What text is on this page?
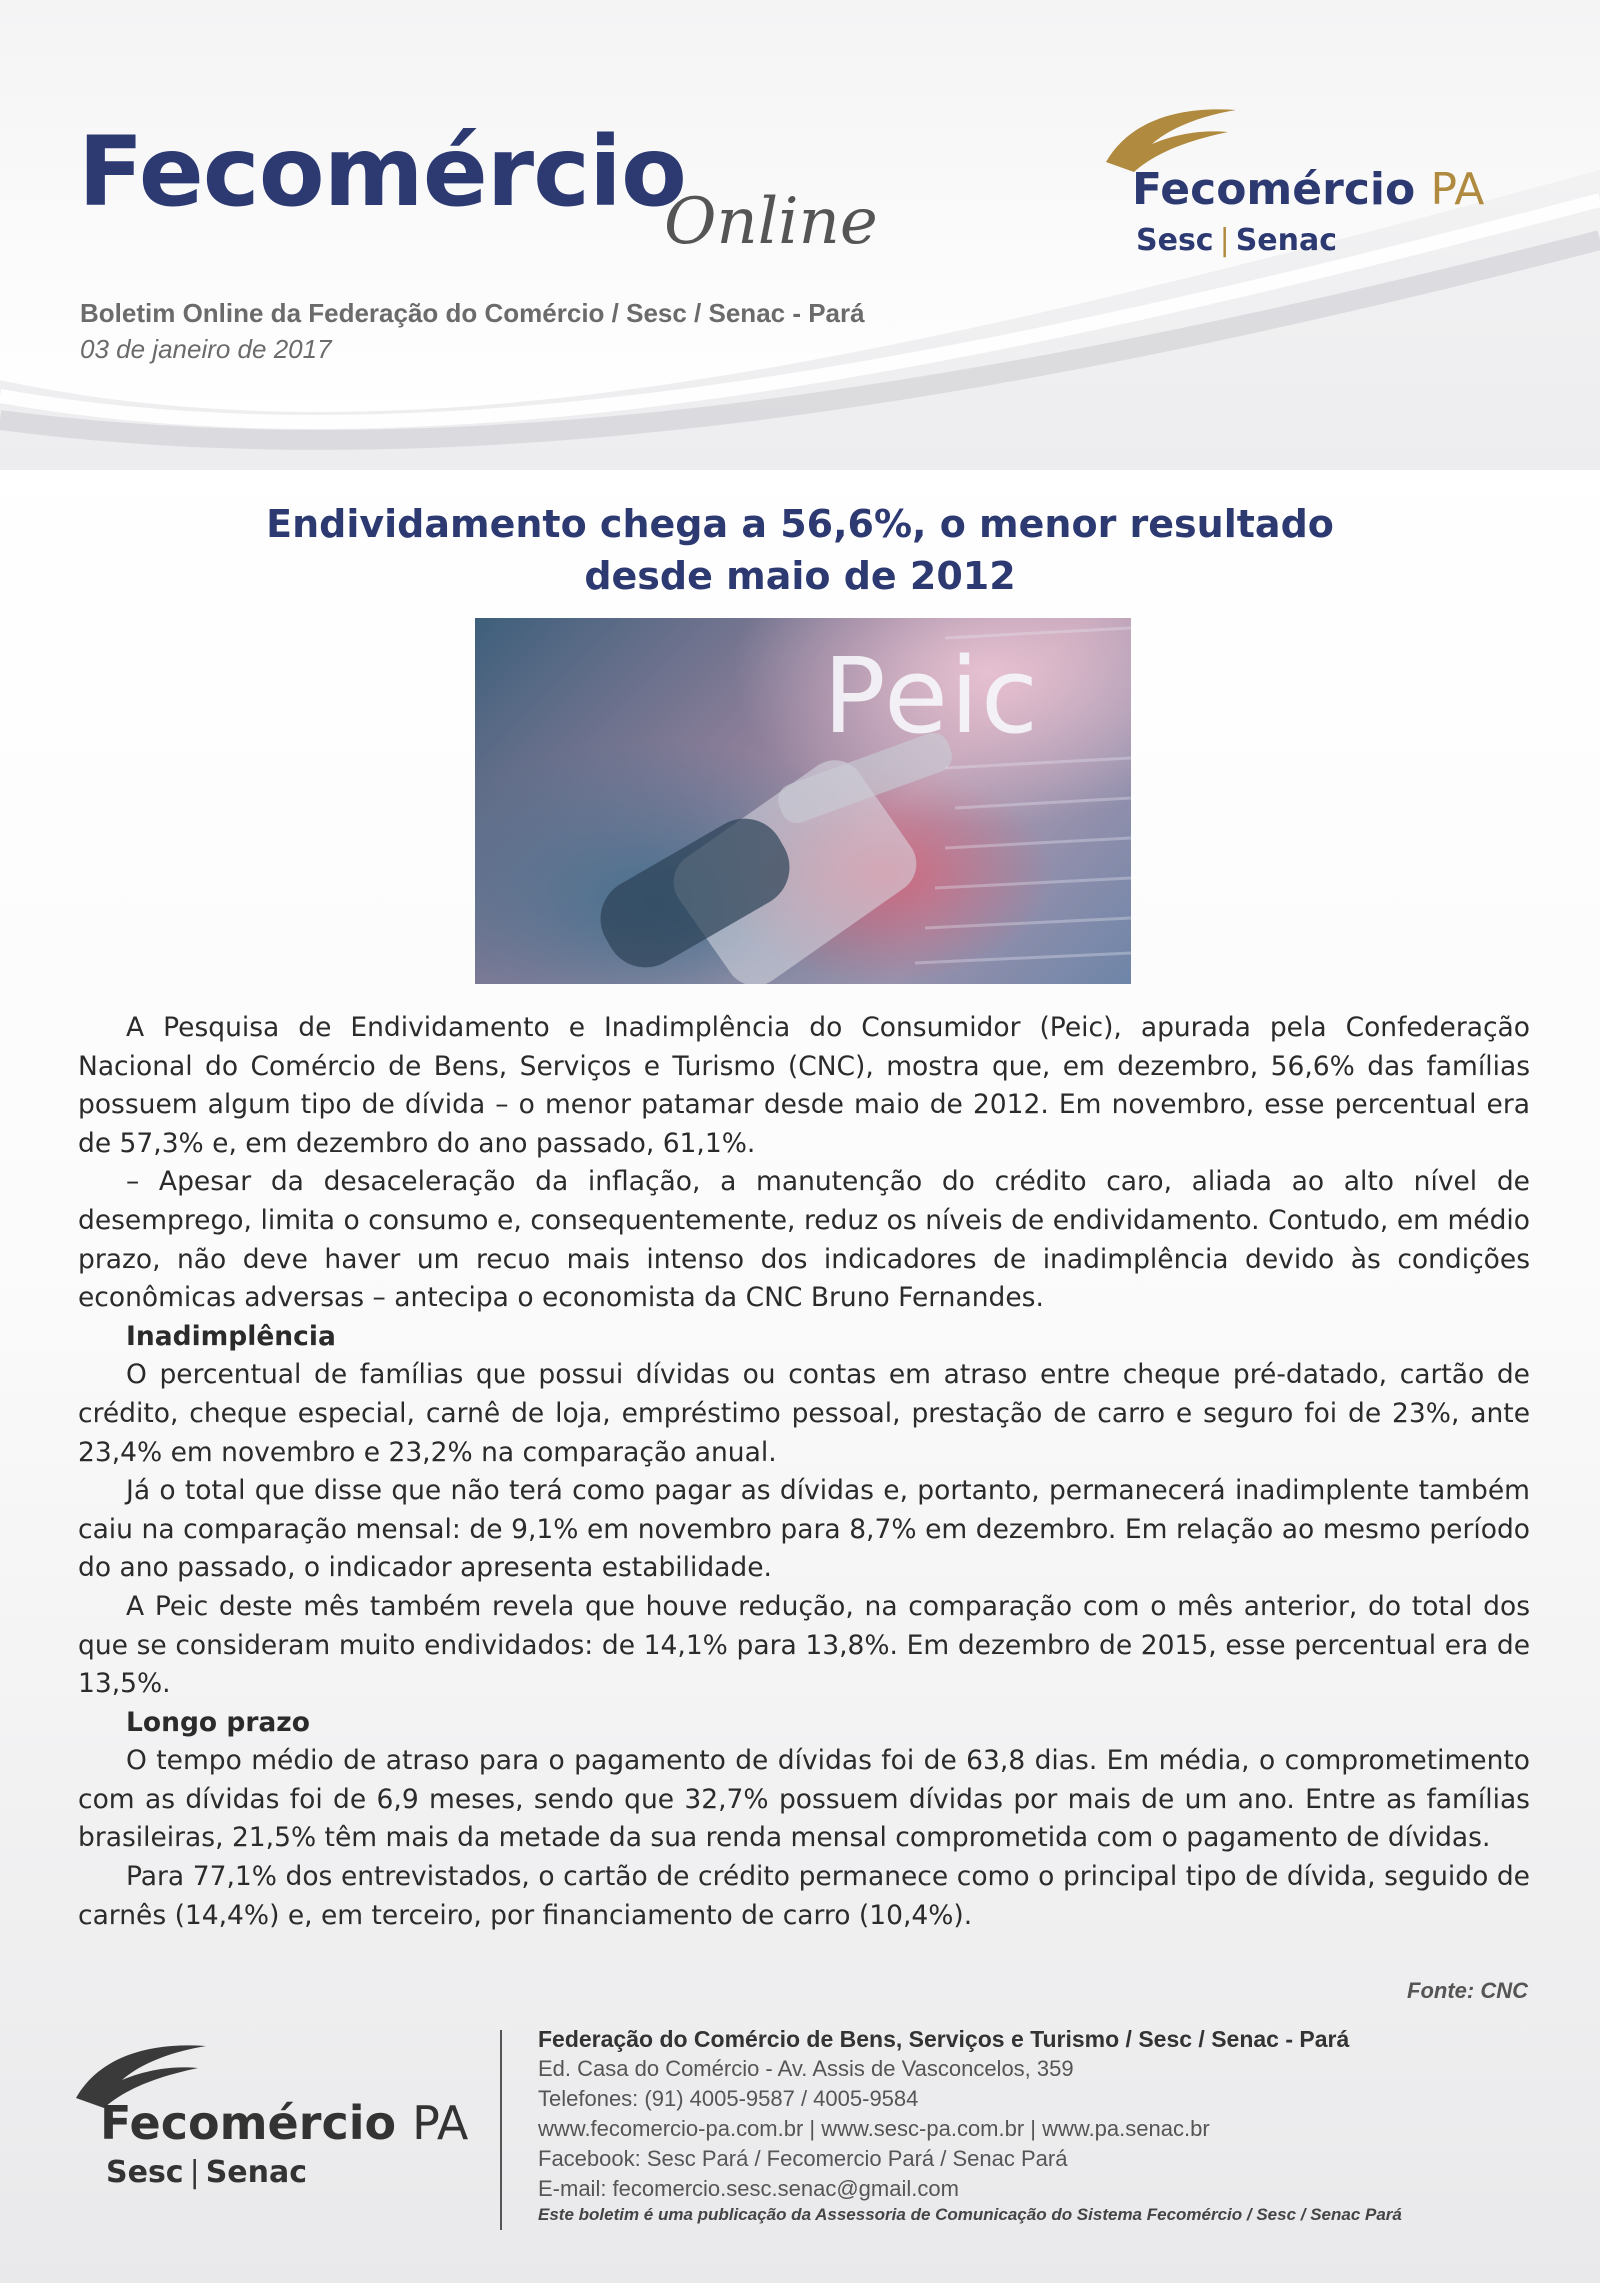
Fecomércio
Online
Boletim Online da Federação do Comércio / Sesc / Senac - Pará
03 de janeiro de 2017
Fecomércio PA
Sesc | Senac
Endividamento chega a 56,6%, o menor resultado
desde maio de 2012
Peic

A Pesquisa de Endividamento e Inadimplência do Consumidor (Peic), apurada pela Confederação Nacional do Comércio de Bens, Serviços e Turismo (CNC), mostra que, em dezembro, 56,6% das famílias possuem algum tipo de dívida – o menor patamar desde maio de 2012. Em novembro, esse percentual era de 57,3% e, em dezembro do ano passado, 61,1%.

– Apesar da desaceleração da inflação, a manutenção do crédito caro, aliada ao alto nível de desemprego, limita o consumo e, consequentemente, reduz os níveis de endividamento. Contudo, em médio prazo, não deve haver um recuo mais intenso dos indicadores de inadimplência devido às condições econômicas adversas – antecipa o economista da CNC Bruno Fernandes.

Inadimplência

O percentual de famílias que possui dívidas ou contas em atraso entre cheque pré-datado, cartão de crédito, cheque especial, carnê de loja, empréstimo pessoal, prestação de carro e seguro foi de 23%, ante 23,4% em novembro e 23,2% na comparação anual.

Já o total que disse que não terá como pagar as dívidas e, portanto, permanecerá inadimplente também caiu na comparação mensal: de 9,1% em novembro para 8,7% em dezembro. Em relação ao mesmo período do ano passado, o indicador apresenta estabilidade.

A Peic deste mês também revela que houve redução, na comparação com o mês anterior, do total dos que se consideram muito endividados: de 14,1% para 13,8%. Em dezembro de 2015, esse percentual era de 13,5%.

Longo prazo

O tempo médio de atraso para o pagamento de dívidas foi de 63,8 dias. Em média, o comprometimento com as dívidas foi de 6,9 meses, sendo que 32,7% possuem dívidas por mais de um ano. Entre as famílias brasileiras, 21,5% têm mais da metade da sua renda mensal comprometida com o pagamento de dívidas.

Para 77,1% dos entrevistados, o cartão de crédito permanece como o principal tipo de dívida, seguido de carnês (14,4%) e, em terceiro, por financiamento de carro (10,4%).

Fonte: CNC
Fecomércio PA
Sesc | Senac
Federação do Comércio de Bens, Serviços e Turismo / Sesc / Senac - Pará
Ed. Casa do Comércio - Av. Assis de Vasconcelos, 359
Telefones: (91) 4005-9587 / 4005-9584
www.fecomercio-pa.com.br | www.sesc-pa.com.br | www.pa.senac.br
Facebook: Sesc Pará / Fecomercio Pará / Senac Pará
E-mail: fecomercio.sesc.senac@gmail.com
Este boletim é uma publicação da Assessoria de Comunicação do Sistema Fecomércio / Sesc / Senac Pará
